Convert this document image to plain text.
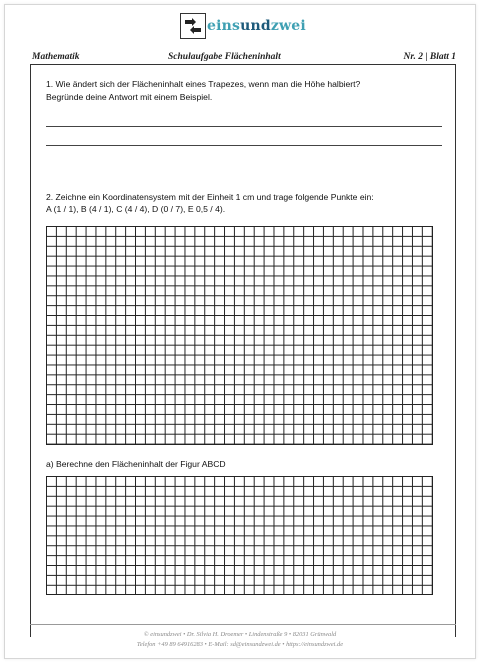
einsundzwei
Mathematik	Schulaufgabe Flächeninhalt	Nr. 2 | Blatt 1
1. Wie ändert sich der Flächeninhalt eines Trapezes, wenn man die Höhe halbiert?
Begründe deine Antwort mit einem Beispiel.
2. Zeichne ein Koordinatensystem mit der Einheit 1 cm und trage folgende Punkte ein:
A (1 / 1), B (4 / 1), C (4 / 4), D (0 / 7), E 0,5 / 4).
a) Berechne den Flächeninhalt der Figur ABCD
© einsundzwei • Dr. Silvia H. Droemer • Lindenstraße 9 • 82031 Grünwald
Telefon +49 89 64916283 • E-Mail: sd@einsundzwei.de • https://einsundzwei.de
